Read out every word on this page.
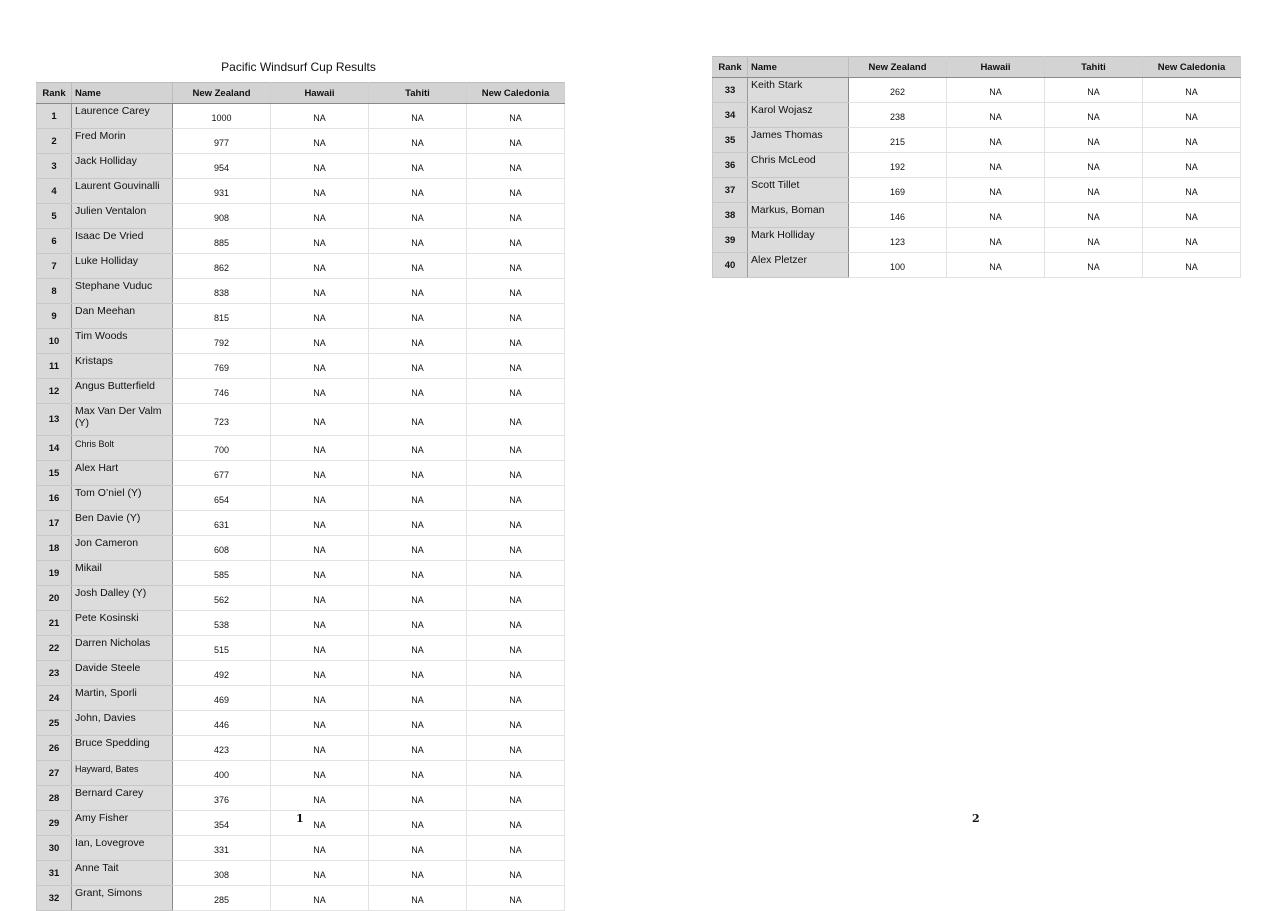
Pacific Windsurf Cup Results
Rank	Name	New Zealand	Hawaii	Tahiti	New Caledonia
1	Laurence Carey	1000	NA	NA	NA
2	Fred Morin	977	NA	NA	NA
3	Jack Holliday	954	NA	NA	NA
4	Laurent Gouvinalli	931	NA	NA	NA
5	Julien Ventalon	908	NA	NA	NA
6	Isaac De Vried	885	NA	NA	NA
7	Luke Holliday	862	NA	NA	NA
8	Stephane Vuduc	838	NA	NA	NA
9	Dan Meehan	815	NA	NA	NA
10	Tim Woods	792	NA	NA	NA
11	Kristaps	769	NA	NA	NA
12	Angus Butterfield	746	NA	NA	NA
13	Max Van Der Valm (Y)	723	NA	NA	NA
14	Chris Bolt	700	NA	NA	NA
15	Alex Hart	677	NA	NA	NA
16	Tom O’niel (Y)	654	NA	NA	NA
17	Ben Davie (Y)	631	NA	NA	NA
18	Jon Cameron	608	NA	NA	NA
19	Mikail	585	NA	NA	NA
20	Josh Dalley (Y)	562	NA	NA	NA
21	Pete Kosinski	538	NA	NA	NA
22	Darren Nicholas	515	NA	NA	NA
23	Davide Steele	492	NA	NA	NA
24	Martin, Sporli	469	NA	NA	NA
25	John, Davies	446	NA	NA	NA
26	Bruce Spedding	423	NA	NA	NA
27	Hayward, Bates	400	NA	NA	NA
28	Bernard Carey	376	NA	NA	NA
29	Amy Fisher	354	NA	NA	NA
30	Ian, Lovegrove	331	NA	NA	NA
31	Anne Tait	308	NA	NA	NA
32	Grant, Simons	285	NA	NA	NA
1
Rank	Name	New Zealand	Hawaii	Tahiti	New Caledonia
33	Keith Stark	262	NA	NA	NA
34	Karol Wojasz	238	NA	NA	NA
35	James Thomas	215	NA	NA	NA
36	Chris McLeod	192	NA	NA	NA
37	Scott Tillet	169	NA	NA	NA
38	Markus, Boman	146	NA	NA	NA
39	Mark Holliday	123	NA	NA	NA
40	Alex Pletzer	100	NA	NA	NA
2
